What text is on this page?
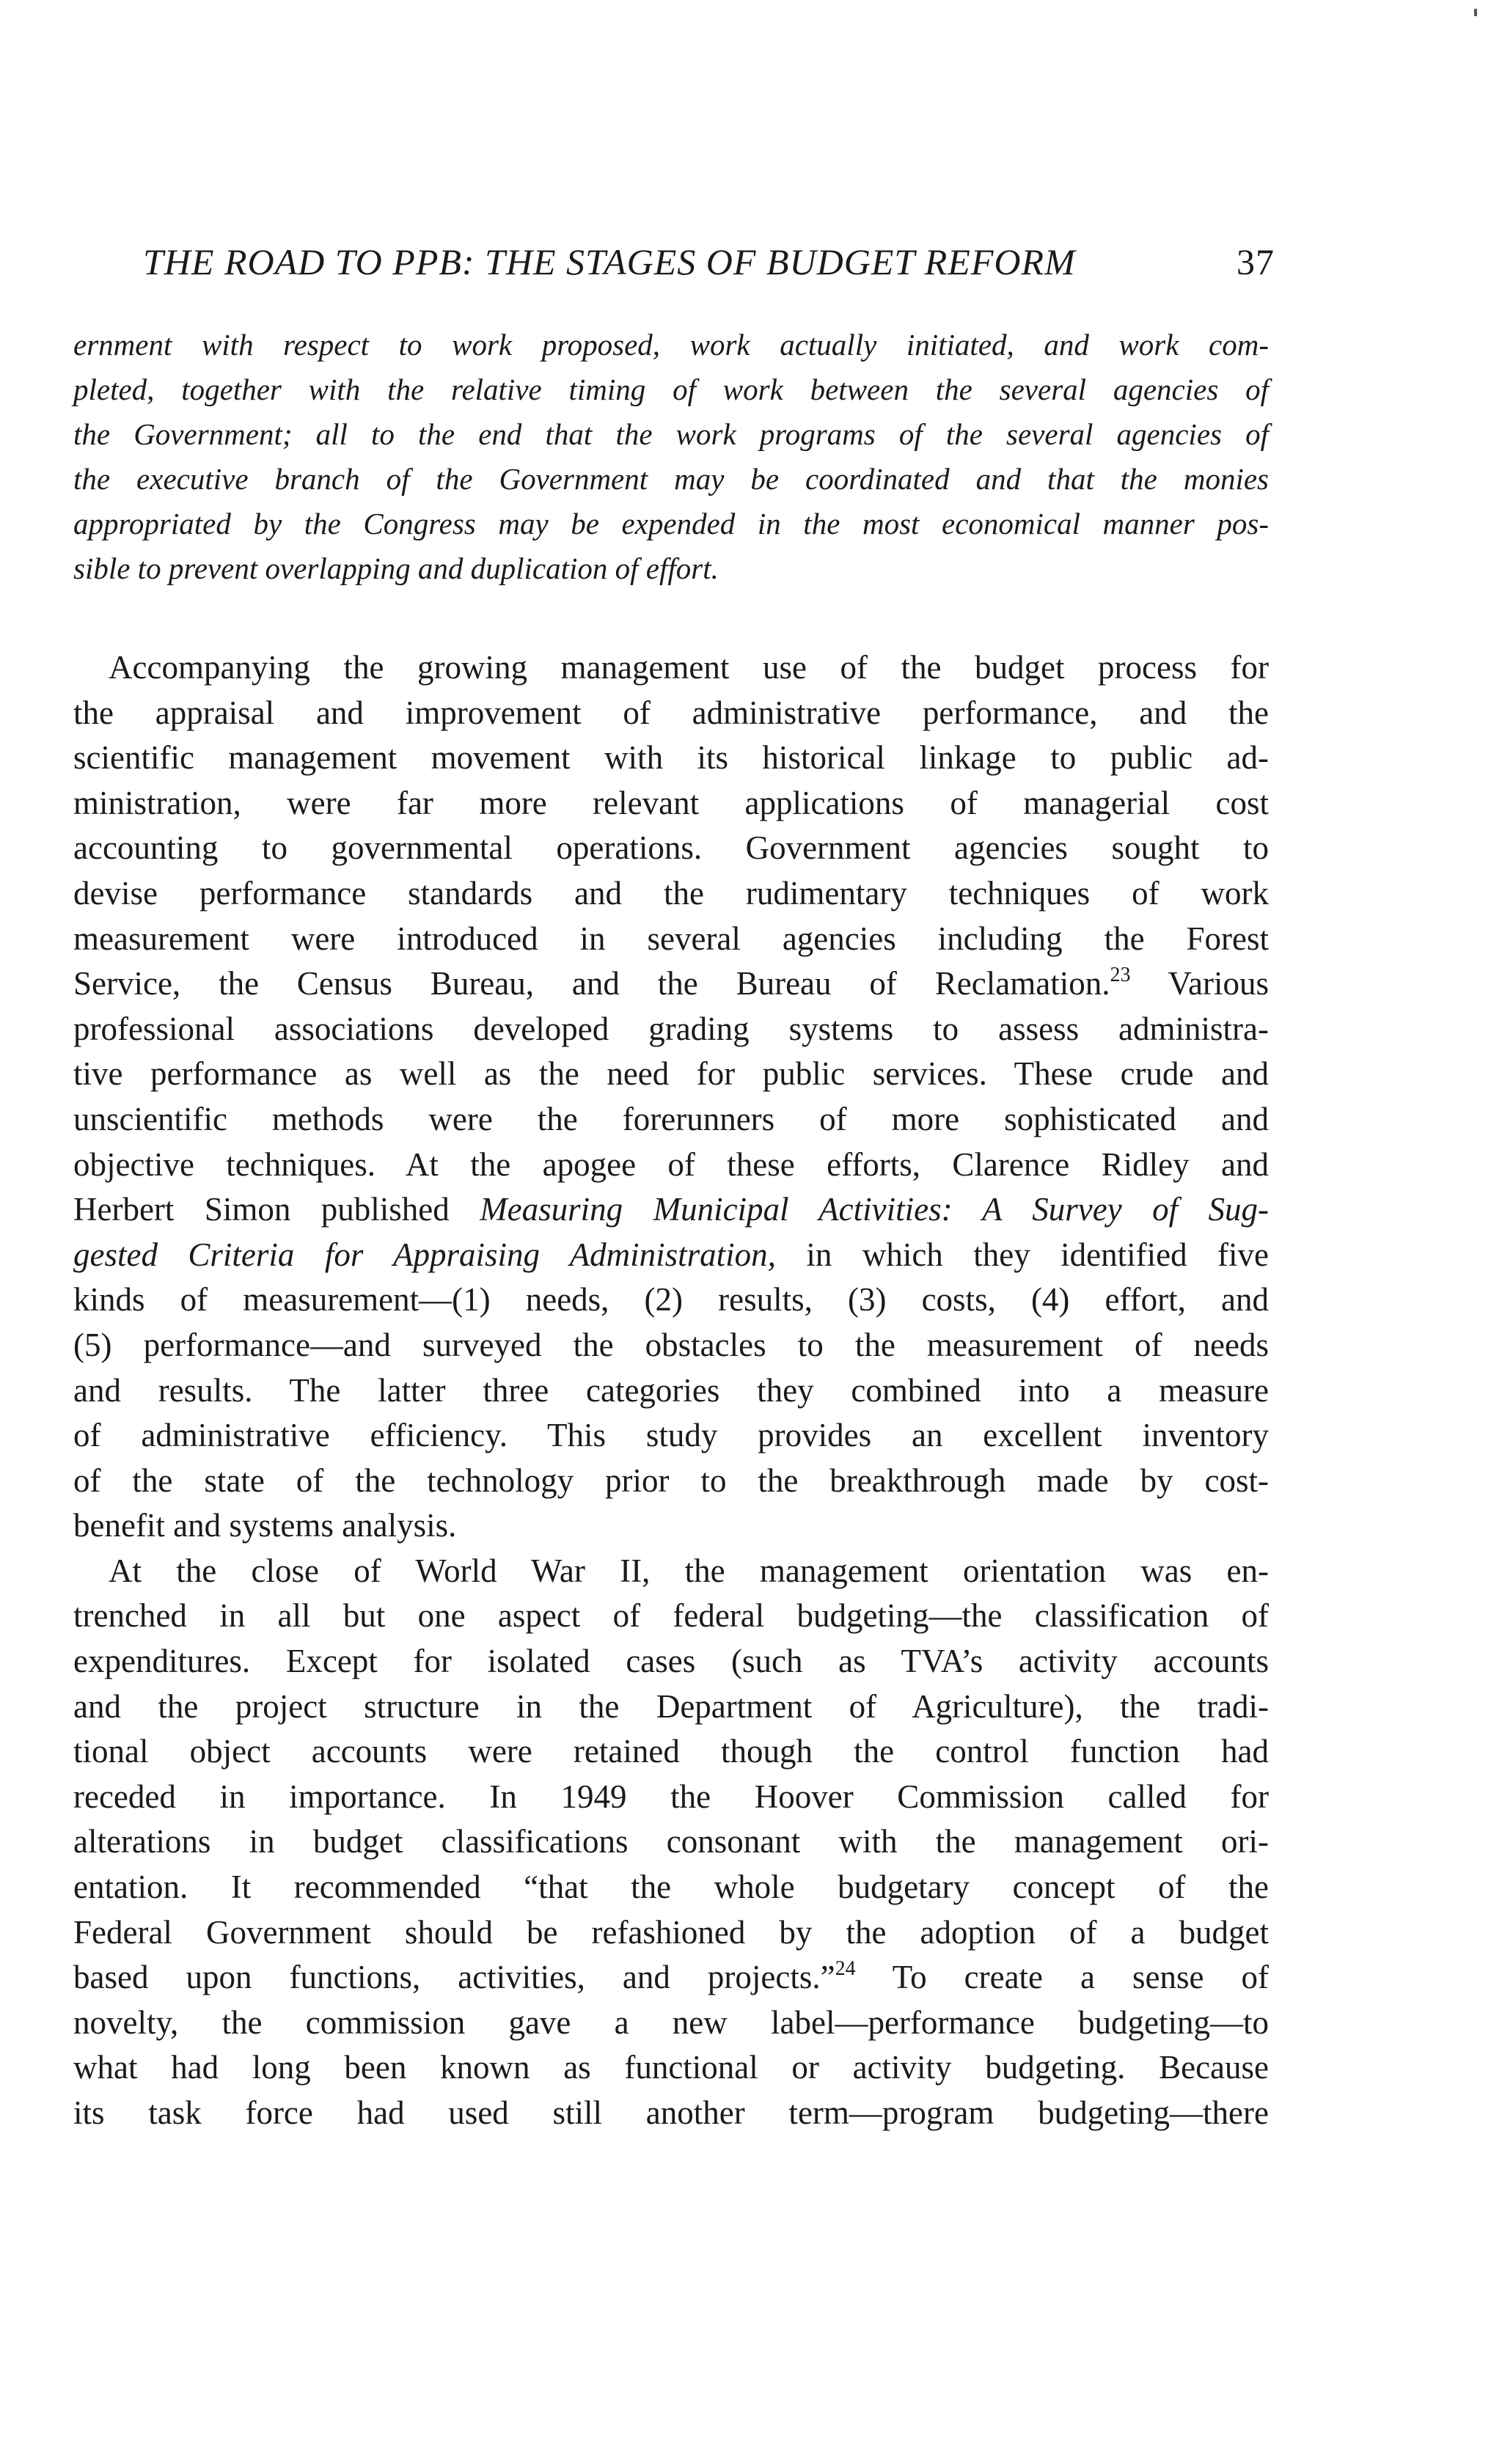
THE ROAD TO PPB: THE STAGES OF BUDGET REFORM	37
ernment with respect to work proposed, work actually initiated, and work com-
pleted, together with the relative timing of work between the several agencies of
the Government; all to the end that the work programs of the several agencies of
the executive branch of the Government may be coordinated and that the monies
appropriated by the Congress may be expended in the most economical manner pos-
sible to prevent overlapping and duplication of effort.
Accompanying the growing management use of the budget process for
the appraisal and improvement of administrative performance, and the
scientific management movement with its historical linkage to public ad-
ministration, were far more relevant applications of managerial cost
accounting to governmental operations. Government agencies sought to
devise performance standards and the rudimentary techniques of work
measurement were introduced in several agencies including the Forest
Service, the Census Bureau, and the Bureau of Reclamation.$^{23}$ Various
professional associations developed grading systems to assess administra-
tive performance as well as the need for public services. These crude and
unscientific methods were the forerunners of more sophisticated and
objective techniques. At the apogee of these efforts, Clarence Ridley and
Herbert Simon published Measuring Municipal Activities: A Survey of Sug-
gested Criteria for Appraising Administration, in which they identified five
kinds of measurement—(1) needs, (2) results, (3) costs, (4) effort, and
(5) performance—and surveyed the obstacles to the measurement of needs
and results. The latter three categories they combined into a measure
of administrative efficiency. This study provides an excellent inventory
of the state of the technology prior to the breakthrough made by cost-
benefit and systems analysis.
At the close of World War II, the management orientation was en-
trenched in all but one aspect of federal budgeting—the classification of
expenditures. Except for isolated cases (such as TVA’s activity accounts
and the project structure in the Department of Agriculture), the tradi-
tional object accounts were retained though the control function had
receded in importance. In 1949 the Hoover Commission called for
alterations in budget classifications consonant with the management ori-
entation. It recommended “that the whole budgetary concept of the
Federal Government should be refashioned by the adoption of a budget
based upon functions, activities, and projects.”$^{24}$ To create a sense of
novelty, the commission gave a new label—performance budgeting—to
what had long been known as functional or activity budgeting. Because
its task force had used still another term—program budgeting—there
